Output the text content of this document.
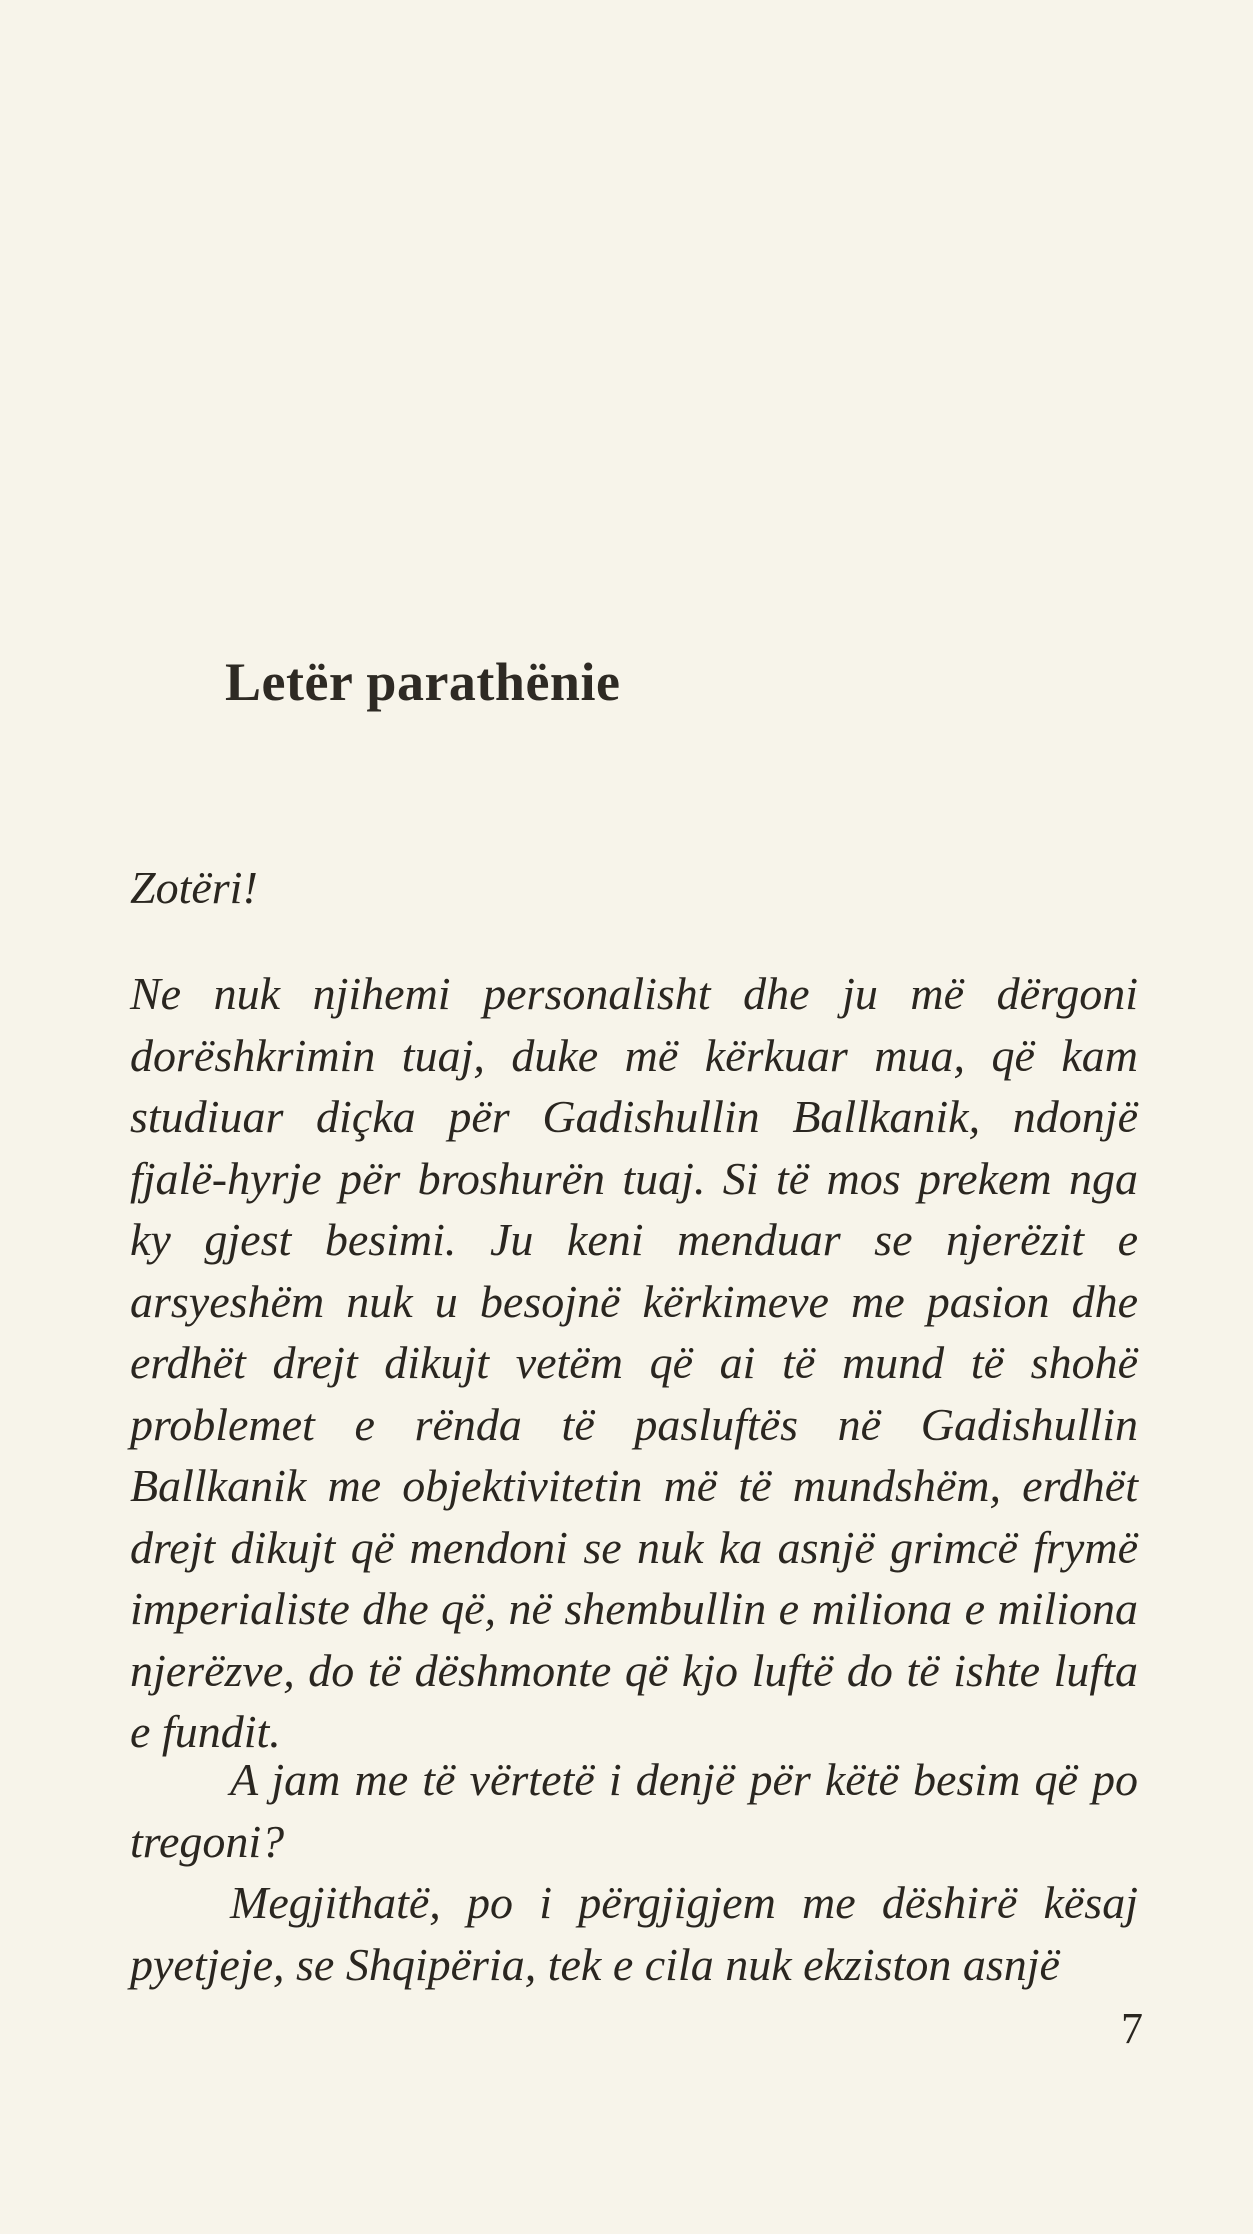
Letër parathënie

Zotëri!

Ne nuk njihemi personalisht dhe ju më dërgoni dorëshkrimin tuaj, duke më kërkuar mua, që kam studiuar diçka për Gadishullin Ballkanik, ndonjë fjalë-hyrje për broshurën tuaj. Si të mos prekem nga ky gjest besimi. Ju keni menduar se njerëzit e arsyeshëm nuk u besojnë kërkimeve me pasion dhe erdhët drejt dikujt vetëm që ai të mund të shohë problemet e rënda të pasluftës në Gadishullin Ballkanik me objektivitetin më të mundshëm, erdhët drejt dikujt që mendoni se nuk ka asnjë grimcë frymë imperialiste dhe që, në shembullin e miliona e miliona njerëzve, do të dëshmonte që kjo luftë do të ishte lufta e fundit.

A jam me të vërtetë i denjë për këtë besim që po tregoni?

Megjithatë, po i përgjigjem me dëshirë kësaj pyetjeje, se Shqipëria, tek e cila nuk ekziston asnjë

7
